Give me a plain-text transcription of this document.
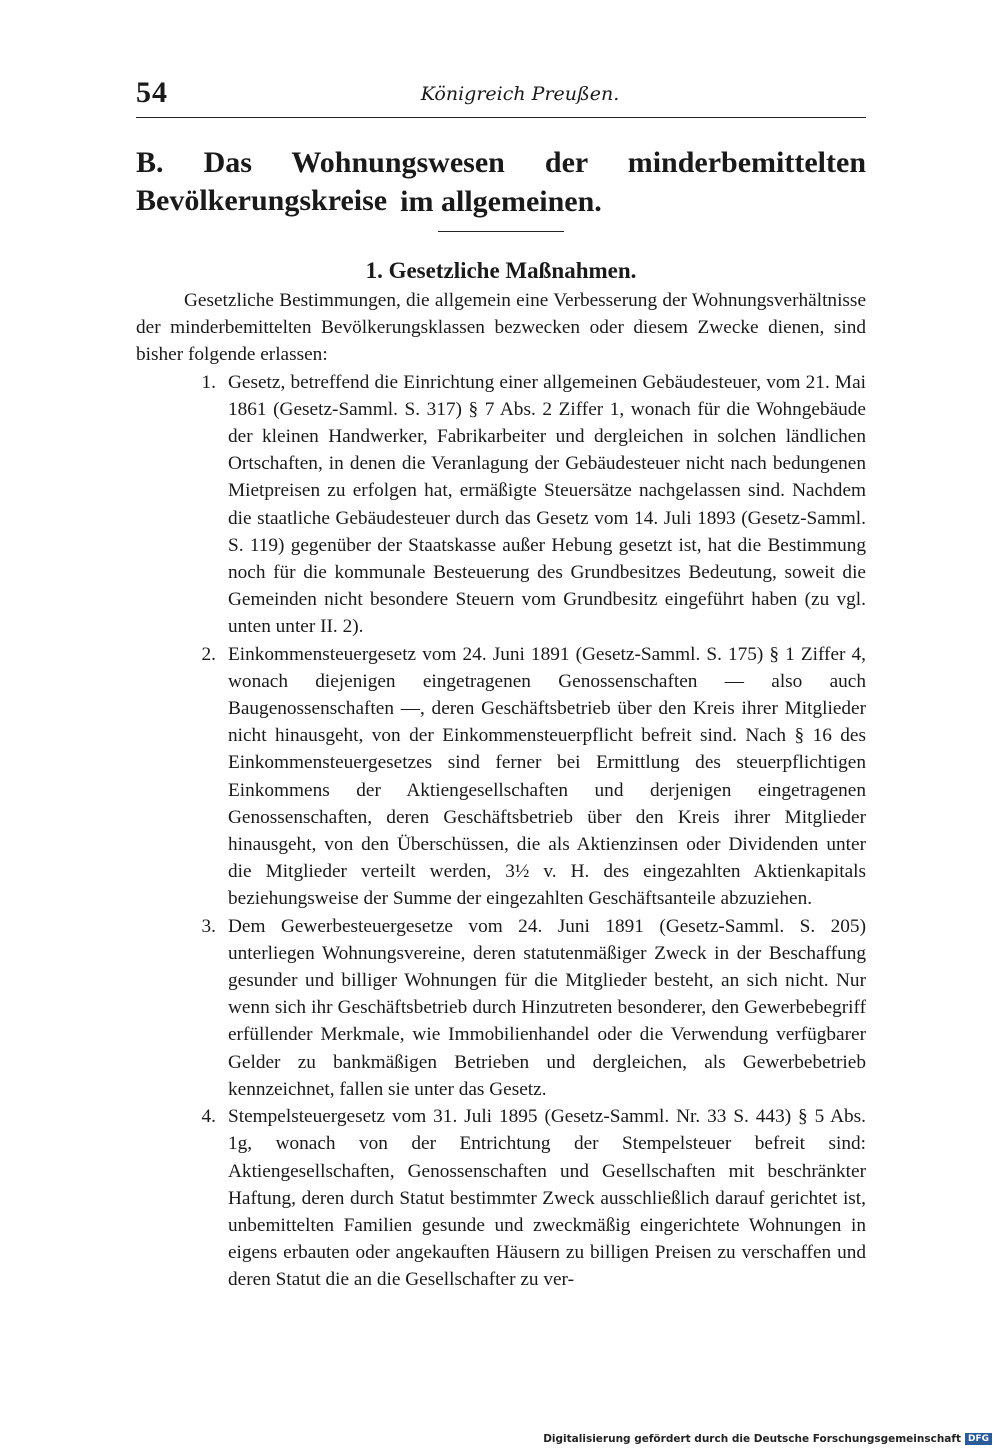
54	Königreich Preußen.
B. Das Wohnungswesen der minderbemittelten Bevölkerungskreise im allgemeinen.
1. Gesetzliche Maßnahmen.

Gesetzliche Bestimmungen, die allgemein eine Verbesserung der Wohnungsverhältnisse der minderbemittelten Bevölkerungsklassen bezwecken oder diesem Zwecke dienen, sind bisher folgende erlassen:

1. Gesetz, betreffend die Einrichtung einer allgemeinen Gebäudesteuer, vom 21. Mai 1861 (Gesetz-Samml. S. 317) § 7 Abs. 2 Ziffer 1, wonach für die Wohngebäude der kleinen Handwerker, Fabrikarbeiter und dergleichen in solchen ländlichen Ortschaften, in denen die Veranlagung der Gebäudesteuer nicht nach bedungenen Mietpreisen zu erfolgen hat, ermäßigte Steuersätze nachgelassen sind. Nachdem die staatliche Gebäudesteuer durch das Gesetz vom 14. Juli 1893 (Gesetz-Samml. S. 119) gegenüber der Staatskasse außer Hebung gesetzt ist, hat die Bestimmung noch für die kommunale Besteuerung des Grundbesitzes Bedeutung, soweit die Gemeinden nicht besondere Steuern vom Grundbesitz eingeführt haben (zu vgl. unten unter II. 2).
2. Einkommensteuergesetz vom 24. Juni 1891 (Gesetz-Samml. S. 175) § 1 Ziffer 4, wonach diejenigen eingetragenen Genossenschaften — also auch Baugenossenschaften —, deren Geschäftsbetrieb über den Kreis ihrer Mitglieder nicht hinausgeht, von der Einkommensteuerpflicht befreit sind. Nach § 16 des Einkommensteuergesetzes sind ferner bei Ermittlung des steuerpflichtigen Einkommens der Aktiengesellschaften und derjenigen eingetragenen Genossenschaften, deren Geschäftsbetrieb über den Kreis ihrer Mitglieder hinausgeht, von den Überschüssen, die als Aktienzinsen oder Dividenden unter die Mitglieder verteilt werden, 3½ v. H. des eingezahlten Aktienkapitals beziehungsweise der Summe der eingezahlten Geschäftsanteile abzuziehen.
3. Dem Gewerbesteuergesetze vom 24. Juni 1891 (Gesetz-Samml. S. 205) unterliegen Wohnungsvereine, deren statutenmäßiger Zweck in der Beschaffung gesunder und billiger Wohnungen für die Mitglieder besteht, an sich nicht. Nur wenn sich ihr Geschäftsbetrieb durch Hinzutreten besonderer, den Gewerbebegriff erfüllender Merkmale, wie Immobilienhandel oder die Verwendung verfügbarer Gelder zu bankmäßigen Betrieben und dergleichen, als Gewerbebetrieb kennzeichnet, fallen sie unter das Gesetz.
4. Stempelsteuergesetz vom 31. Juli 1895 (Gesetz-Samml. Nr. 33 S. 443) § 5 Abs. 1g, wonach von der Entrichtung der Stempelsteuer befreit sind: Aktiengesellschaften, Genossenschaften und Gesellschaften mit beschränkter Haftung, deren durch Statut bestimmter Zweck ausschließlich darauf gerichtet ist, unbemittelten Familien gesunde und zweckmäßig eingerichtete Wohnungen in eigens erbauten oder angekauften Häusern zu billigen Preisen zu verschaffen und deren Statut die an die Gesellschafter zu ver-
Digitalisierung gefördert durch die Deutsche Forschungsgemeinschaft DFG
